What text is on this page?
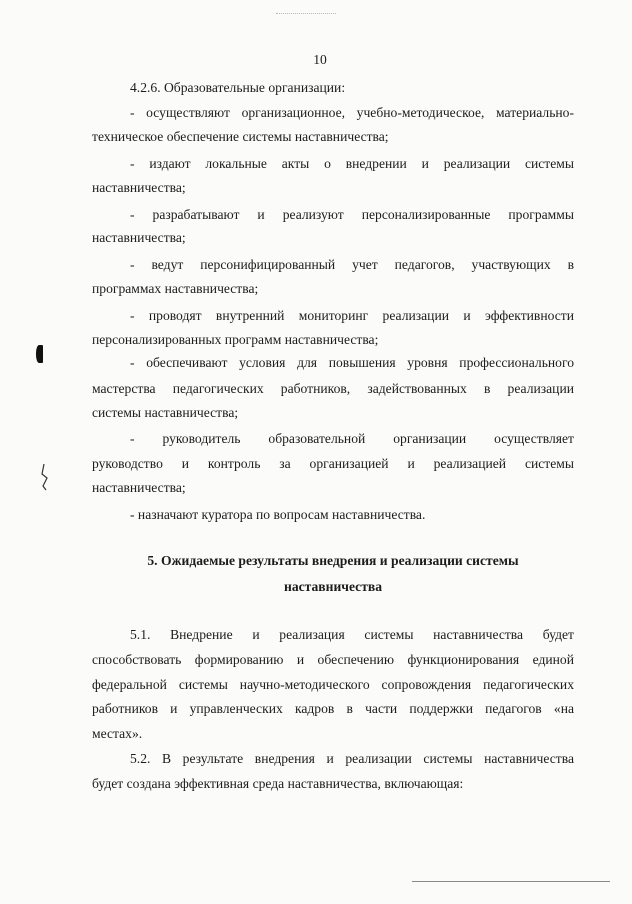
10
4.2.6. Образовательные организации:
- осуществляют организационное, учебно-методическое, материально-
техническое обеспечение системы наставничества;
- издают локальные акты о внедрении и реализации системы
наставничества;
- разрабатывают и реализуют персонализированные программы
наставничества;
- ведут персонифицированный учет педагогов, участвующих в
программах наставничества;
- проводят внутренний мониторинг реализации и эффективности
персонализированных программ наставничества;
- обеспечивают условия для повышения уровня профессионального
мастерства педагогических работников, задействованных в реализации
системы наставничества;
- руководитель образовательной организации осуществляет
руководство и контроль за организацией и реализацией системы
наставничества;
- назначают куратора по вопросам наставничества.
5. Ожидаемые результаты внедрения и реализации системы
наставничества
5.1. Внедрение и реализация системы наставничества будет
способствовать формированию и обеспечению функционирования единой
федеральной системы научно-методического сопровождения педагогических
работников и управленческих кадров в части поддержки педагогов «на
местах».
5.2. В результате внедрения и реализации системы наставничества
будет создана эффективная среда наставничества, включающая:
